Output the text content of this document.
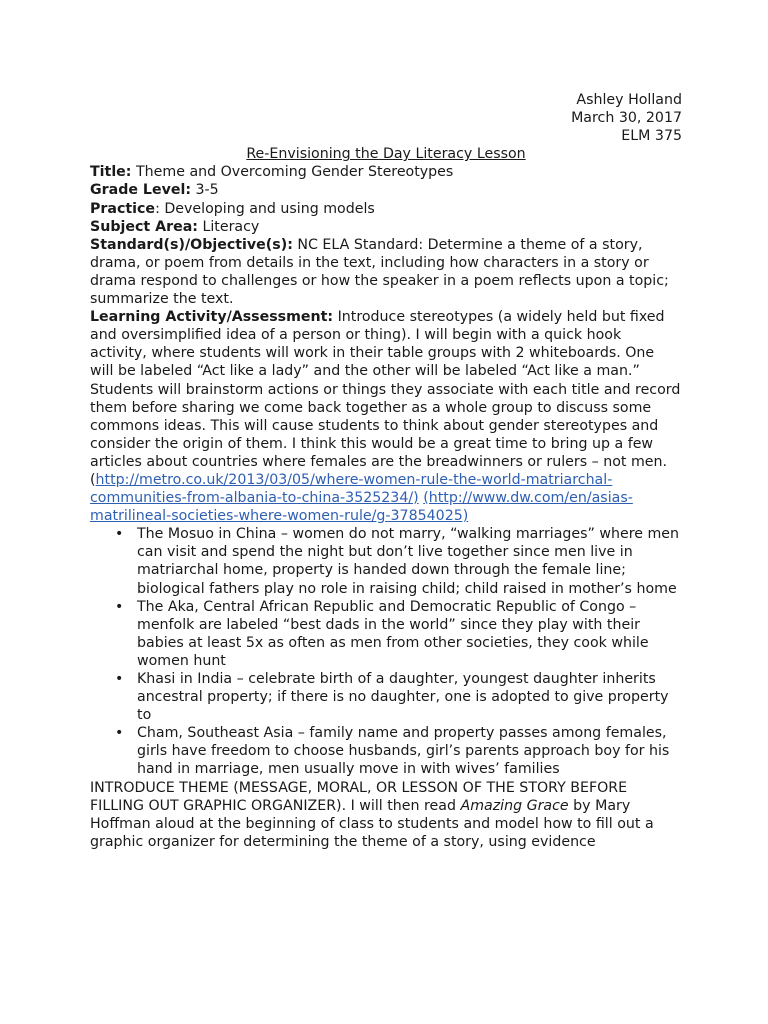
Ashley Holland

March 30, 2017

ELM 375

Re-Envisioning the Day Literacy Lesson

Title: Theme and Overcoming Gender Stereotypes

Grade Level: 3-5

Practice: Developing and using models

Subject Area: Literacy

Standard(s)/Objective(s): NC ELA Standard: Determine a theme of a story, drama, or poem from details in the text, including how characters in a story or drama respond to challenges or how the speaker in a poem reflects upon a topic; summarize the text.

Learning Activity/Assessment: Introduce stereotypes (a widely held but fixed and oversimplified idea of a person or thing). I will begin with a quick hook activity, where students will work in their table groups with 2 whiteboards. One will be labeled “Act like a lady” and the other will be labeled “Act like a man.” Students will brainstorm actions or things they associate with each title and record them before sharing we come back together as a whole group to discuss some commons ideas. This will cause students to think about gender stereotypes and consider the origin of them. I think this would be a great time to bring up a few articles about countries where females are the breadwinners or rulers – not men.
(http://metro.co.uk/2013/03/05/where-women-rule-the-world-matriarchal-communities-from-albania-to-china-3525234/) (http://www.dw.com/en/asias-matrilineal-societies-where-women-rule/g-37854025)

• The Mosuo in China – women do not marry, “walking marriages” where men can visit and spend the night but don’t live together since men live in matriarchal home, property is handed down through the female line; biological fathers play no role in raising child; child raised in mother’s home
• The Aka, Central African Republic and Democratic Republic of Congo – menfolk are labeled “best dads in the world” since they play with their babies at least 5x as often as men from other societies, they cook while women hunt
• Khasi in India – celebrate birth of a daughter, youngest daughter inherits ancestral property; if there is no daughter, one is adopted to give property to
• Cham, Southeast Asia – family name and property passes among females, girls have freedom to choose husbands, girl’s parents approach boy for his hand in marriage, men usually move in with wives’ families

INTRODUCE THEME (MESSAGE, MORAL, OR LESSON OF THE STORY BEFORE FILLING OUT GRAPHIC ORGANIZER). I will then read Amazing Grace by Mary Hoffman aloud at the beginning of class to students and model how to fill out a graphic organizer for determining the theme of a story, using evidence
